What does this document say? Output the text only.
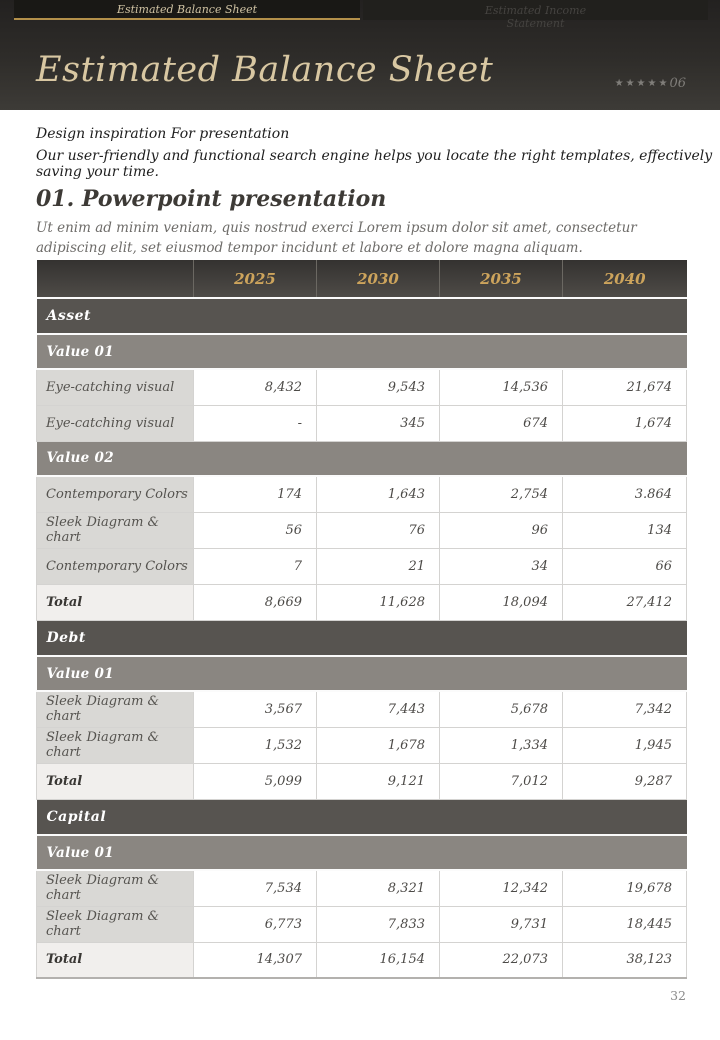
Estimated Balance Sheet	Estimated Income Statement
Estimated Balance Sheet	★★★★★06
Design inspiration For presentation
Our user-friendly and functional search engine helps you locate the right templates, effectively saving your time.
01. Powerpoint presentation

Ut enim ad minim veniam, quis nostrud exerci Lorem ipsum dolor sit amet, consectetur adipiscing elit, set eiusmod tempor incidunt et labore et dolore magna aliquam.

	2025	2030	2035	2040
Asset				
Value 01				
Eye-catching visual	8,432	9,543	14,536	21,674
Eye-catching visual	-	345	674	1,674
Value 02				
Contemporary Colors	174	1,643	2,754	3.864
Sleek Diagram & chart	56	76	96	134
Contemporary Colors	7	21	34	66
Total	8,669	11,628	18,094	27,412
Debt				
Value 01				
Sleek Diagram & chart	3,567	7,443	5,678	7,342
Sleek Diagram & chart	1,532	1,678	1,334	1,945
Total	5,099	9,121	7,012	9,287
Capital				
Value 01				
Sleek Diagram & chart	7,534	8,321	12,342	19,678
Sleek Diagram & chart	6,773	7,833	9,731	18,445
Total	14,307	16,154	22,073	38,123
32
